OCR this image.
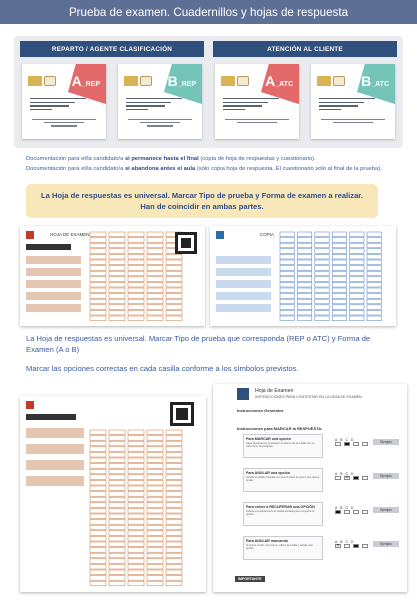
Prueba de examen. Cuadernillos y hojas de respuesta
REPARTO / AGENTE CLASIFICACIÓN
A_REP	B_REP
ATENCIÓN AL CLIENTE
A_ATC	B_ATC
Documentación para el/la candidato/a si permanece hasta el final (copia de hoja de respuestas y cuestionario).
Documentación para el/la candidato/a si abandona antes el aula (sólo copia hoja de respuesta. El cuestionario sólo al final de la prueba).
La Hoja de respuestas es universal. Marcar Tipo de prueba y Forma de examen a realizar.
Han de coincidir en ambas partes.
HOJA DE EXAMEN	COPIA
La Hoja de respuestas es universal. Marcar Tipo de prueba que corresponda (REP o ATC) y Forma de Examen (A o B)
Marcar las opciones correctas en cada casilla conforme a los símbolos previstos.
Hoja de Examen
INSTRUCCIONES PARA CONTESTAR EN LA HOJA DE EXAMEN
Instrucciones Generales
Instrucciones para MARCAR la RESPUESTA:
Para MARCAR una opción
Haga desaparecer el espacio en blanco de la casilla con un trazo firme de bolígrafo.
A B C D	Ejemplo
Para ANULAR una opción
Señale la casilla marcada con una X sobre la opción que desea anular.
A B C D ×	Ejemplo
Para volver a RECUPERAR una OPCIÓN
Rellene completamente la casilla anulada para recuperar la opción.
A B C D	Ejemplo
Para ANULAR marcando
Si quiere anular una marca, rellene la casilla y señale otra opción.
A B C D ×	Ejemplo
IMPORTANTE
